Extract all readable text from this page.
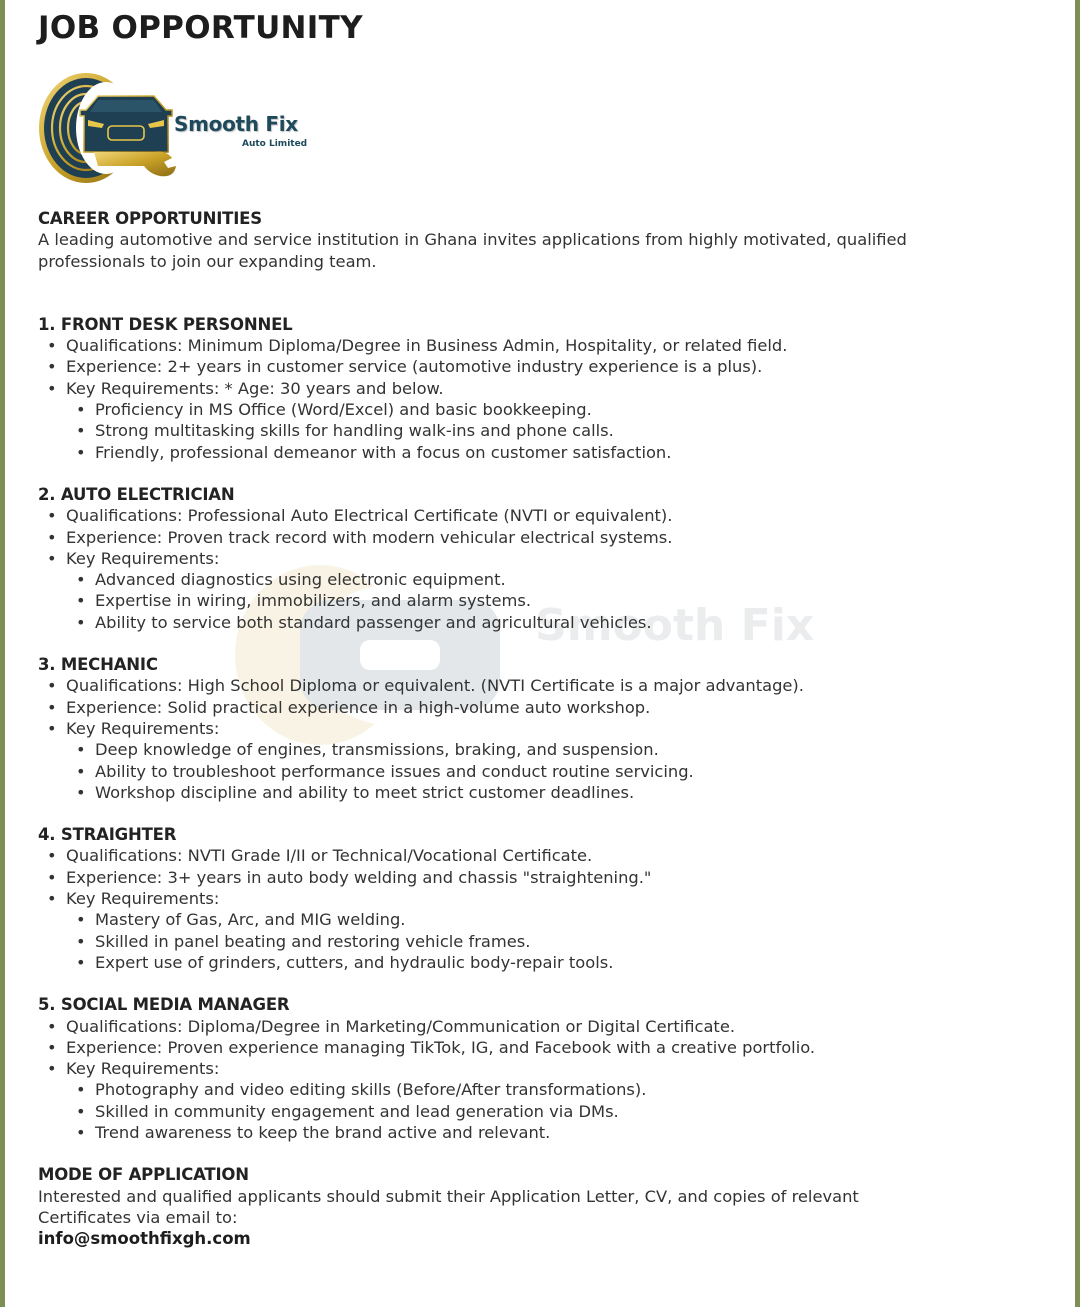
JOB OPPORTUNITY
Smooth Fix
Auto Limited
Smooth Fix
CAREER OPPORTUNITIES
A leading automotive and service institution in Ghana invites applications from highly motivated, qualified
professionals to join our expanding team.
1. FRONT DESK PERSONNEL
• Qualifications: Minimum Diploma/Degree in Business Admin, Hospitality, or related field.
• Experience: 2+ years in customer service (automotive industry experience is a plus).
• Key Requirements: * Age: 30 years and below.
• Proficiency in MS Office (Word/Excel) and basic bookkeeping.
• Strong multitasking skills for handling walk-ins and phone calls.
• Friendly, professional demeanor with a focus on customer satisfaction.
2. AUTO ELECTRICIAN
• Qualifications: Professional Auto Electrical Certificate (NVTI or equivalent).
• Experience: Proven track record with modern vehicular electrical systems.
• Key Requirements:
• Advanced diagnostics using electronic equipment.
• Expertise in wiring, immobilizers, and alarm systems.
• Ability to service both standard passenger and agricultural vehicles.
3. MECHANIC
• Qualifications: High School Diploma or equivalent. (NVTI Certificate is a major advantage).
• Experience: Solid practical experience in a high-volume auto workshop.
• Key Requirements:
• Deep knowledge of engines, transmissions, braking, and suspension.
• Ability to troubleshoot performance issues and conduct routine servicing.
• Workshop discipline and ability to meet strict customer deadlines.
4. STRAIGHTER
• Qualifications: NVTI Grade I/II or Technical/Vocational Certificate.
• Experience: 3+ years in auto body welding and chassis "straightening."
• Key Requirements:
• Mastery of Gas, Arc, and MIG welding.
• Skilled in panel beating and restoring vehicle frames.
• Expert use of grinders, cutters, and hydraulic body-repair tools.
5. SOCIAL MEDIA MANAGER
• Qualifications: Diploma/Degree in Marketing/Communication or Digital Certificate.
• Experience: Proven experience managing TikTok, IG, and Facebook with a creative portfolio.
• Key Requirements:
• Photography and video editing skills (Before/After transformations).
• Skilled in community engagement and lead generation via DMs.
• Trend awareness to keep the brand active and relevant.
MODE OF APPLICATION
Interested and qualified applicants should submit their Application Letter, CV, and copies of relevant
Certificates via email to:
info@smoothfixgh.com
